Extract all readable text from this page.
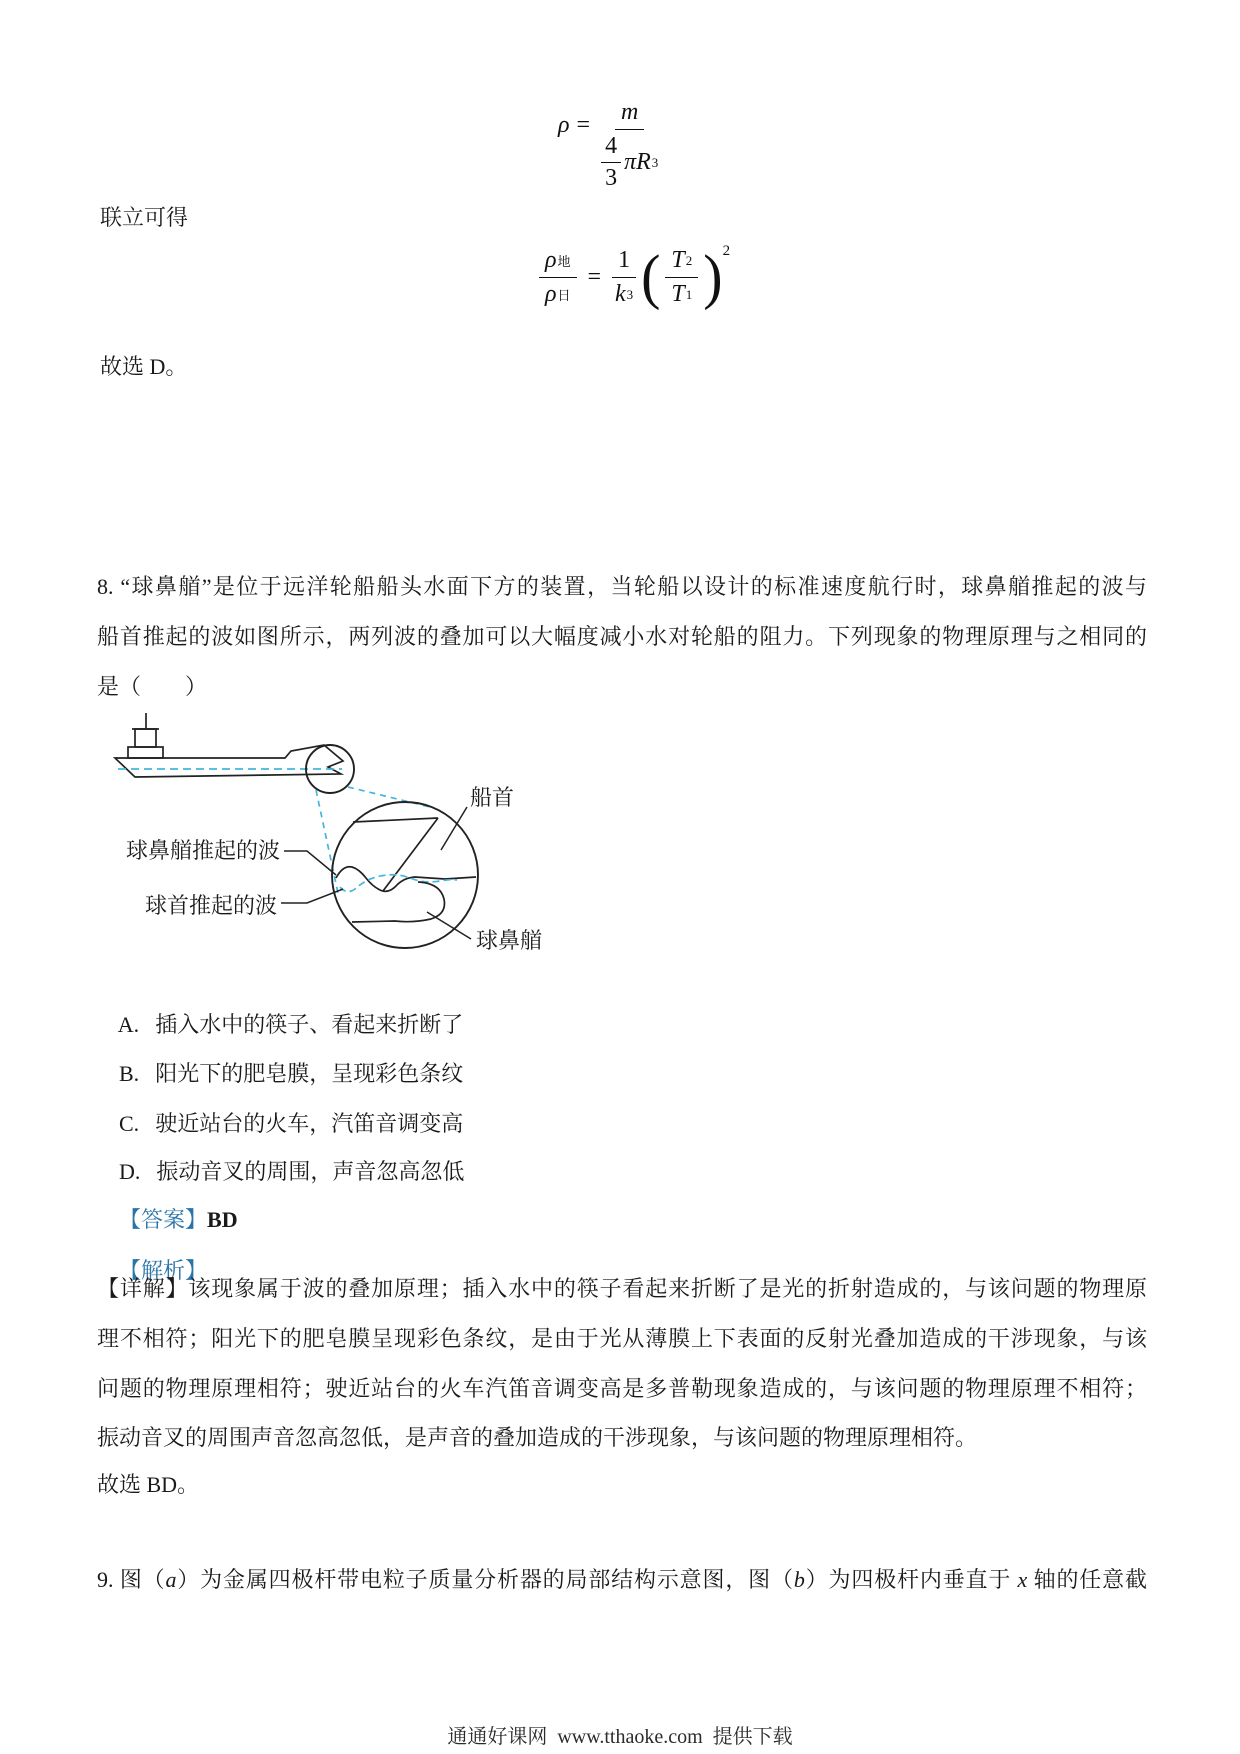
$\rho = \frac{m}{\frac{4}{3} \pi R 3}$
联立可得
$\frac{\text{ρ 地}}{\text{ρ 日}} = \frac{1}{k 3}$ ( $\frac{T 2}{T 1} )^2$
故选 D。
8. “球鼻艏”是位于远洋轮船船头水面下方的装置，当轮船以设计的标准速度航行时，球鼻艏推起的波与
船首推起的波如图所示，两列波的叠加可以大幅度减小水对轮船的阻力。下列现象的物理原理与之相同的
是（　　）
球鼻艏推起的波
球首推起的波
船首
球鼻艏

A. 插入水中的筷子、看起来折断了

B. 阳光下的肥皂膜，呈现彩色条纹

C. 驶近站台的火车，汽笛音调变高

D. 振动音叉的周围，声音忽高忽低

【答案】BD

【解析】

【详解】该现象属于波的叠加原理；插入水中的筷子看起来折断了是光的折射造成的，与该问题的物理原
理不相符；阳光下的肥皂膜呈现彩色条纹，是由于光从薄膜上下表面的反射光叠加造成的干涉现象，与该
问题的物理原理相符；驶近站台的火车汽笛音调变高是多普勒现象造成的，与该问题的物理原理不相符；
振动音叉的周围声音忽高忽低，是声音的叠加造成的干涉现象，与该问题的物理原理相符。
故选 BD。
9. 图（a）为金属四极杆带电粒子质量分析器的局部结构示意图，图（b）为四极杆内垂直于 x 轴的任意截
通通好课网  www.tthaoke.com  提供下载
